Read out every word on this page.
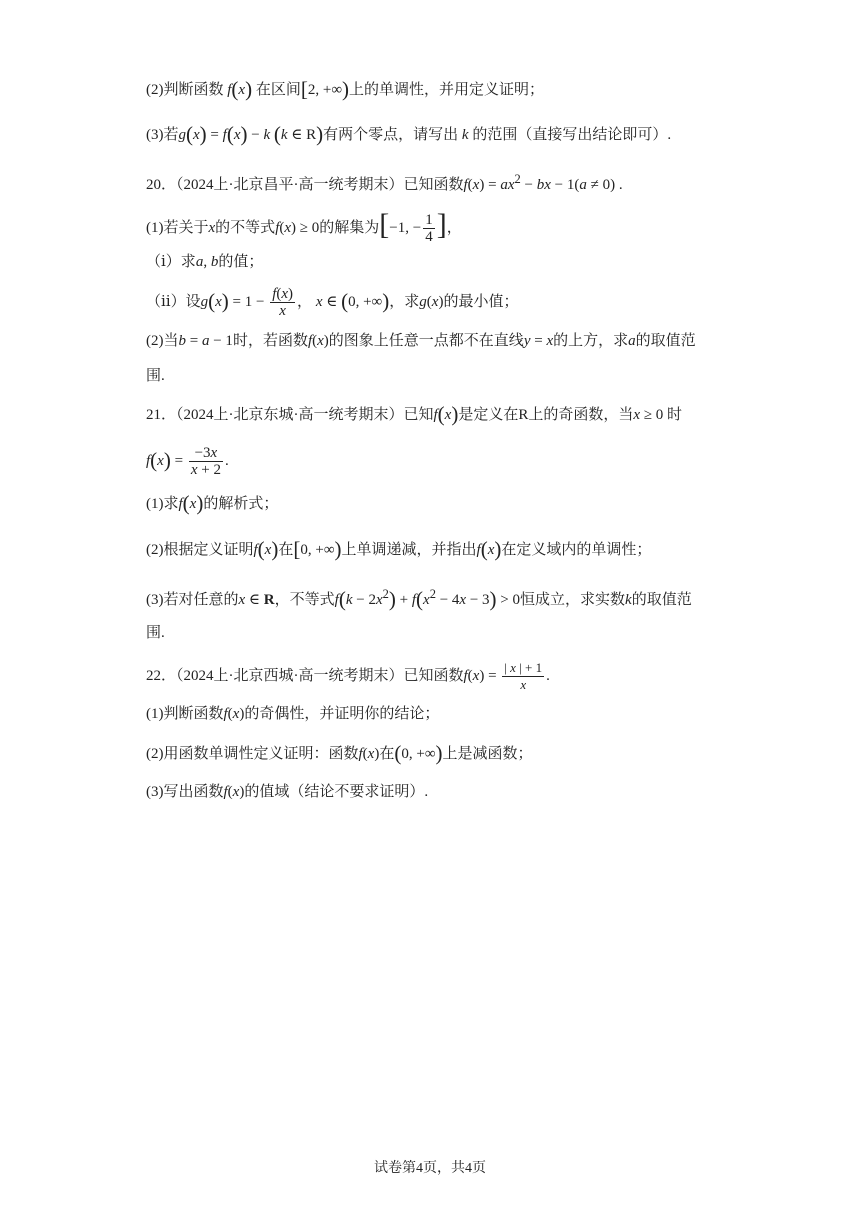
(2)判断函数 f(x) 在区间[2, +∞)上的单调性，并用定义证明；
(3)若g(x) = f(x) − k (k ∈ R)有两个零点，请写出 k 的范围（直接写出结论即可）.
20．（2024上·北京昌平·高一统考期末）已知函数$f(x) = ax^2$ − bx − 1(a ≠ 0) .
(1)若关于x的不等式f(x) ≥ 0的解集为[−1, − $\frac{1}{4}$ ]，
（ⅰ）求a, b的值；
（ⅱ）设$g(x) = 1 - \frac{f(x)}{x}$ ， x ∈ (0, +∞)，求g(x)的最小值；
(2)当b = a − 1时，若函数f(x)的图象上任意一点都不在直线y = x的上方，求a的取值范
围.
21．（2024上·北京东城·高一统考期末）已知f(x)是定义在R上的奇函数，当x ≥ 0 时
$f(x) = \frac{-3x}{x + 2}$ .
(1)求f(x)的解析式；
(2)根据定义证明f(x)在[0, +∞)上单调递减，并指出f(x)在定义域内的单调性；
(3)若对任意的x ∈ R，不等式$f(k - 2x^2) + f(x^2 - 4x - 3) > 0$恒成立，求实数k的取值范
围.
22．（2024上·北京西城·高一统考期末）已知函数$f(x) = \frac{| x | + 1}{x}$ .
(1)判断函数f(x)的奇偶性，并证明你的结论；
(2)用函数单调性定义证明：函数f(x)在(0, +∞)上是减函数；
(3)写出函数f(x)的值域（结论不要求证明）.
试卷第4页，共4页
